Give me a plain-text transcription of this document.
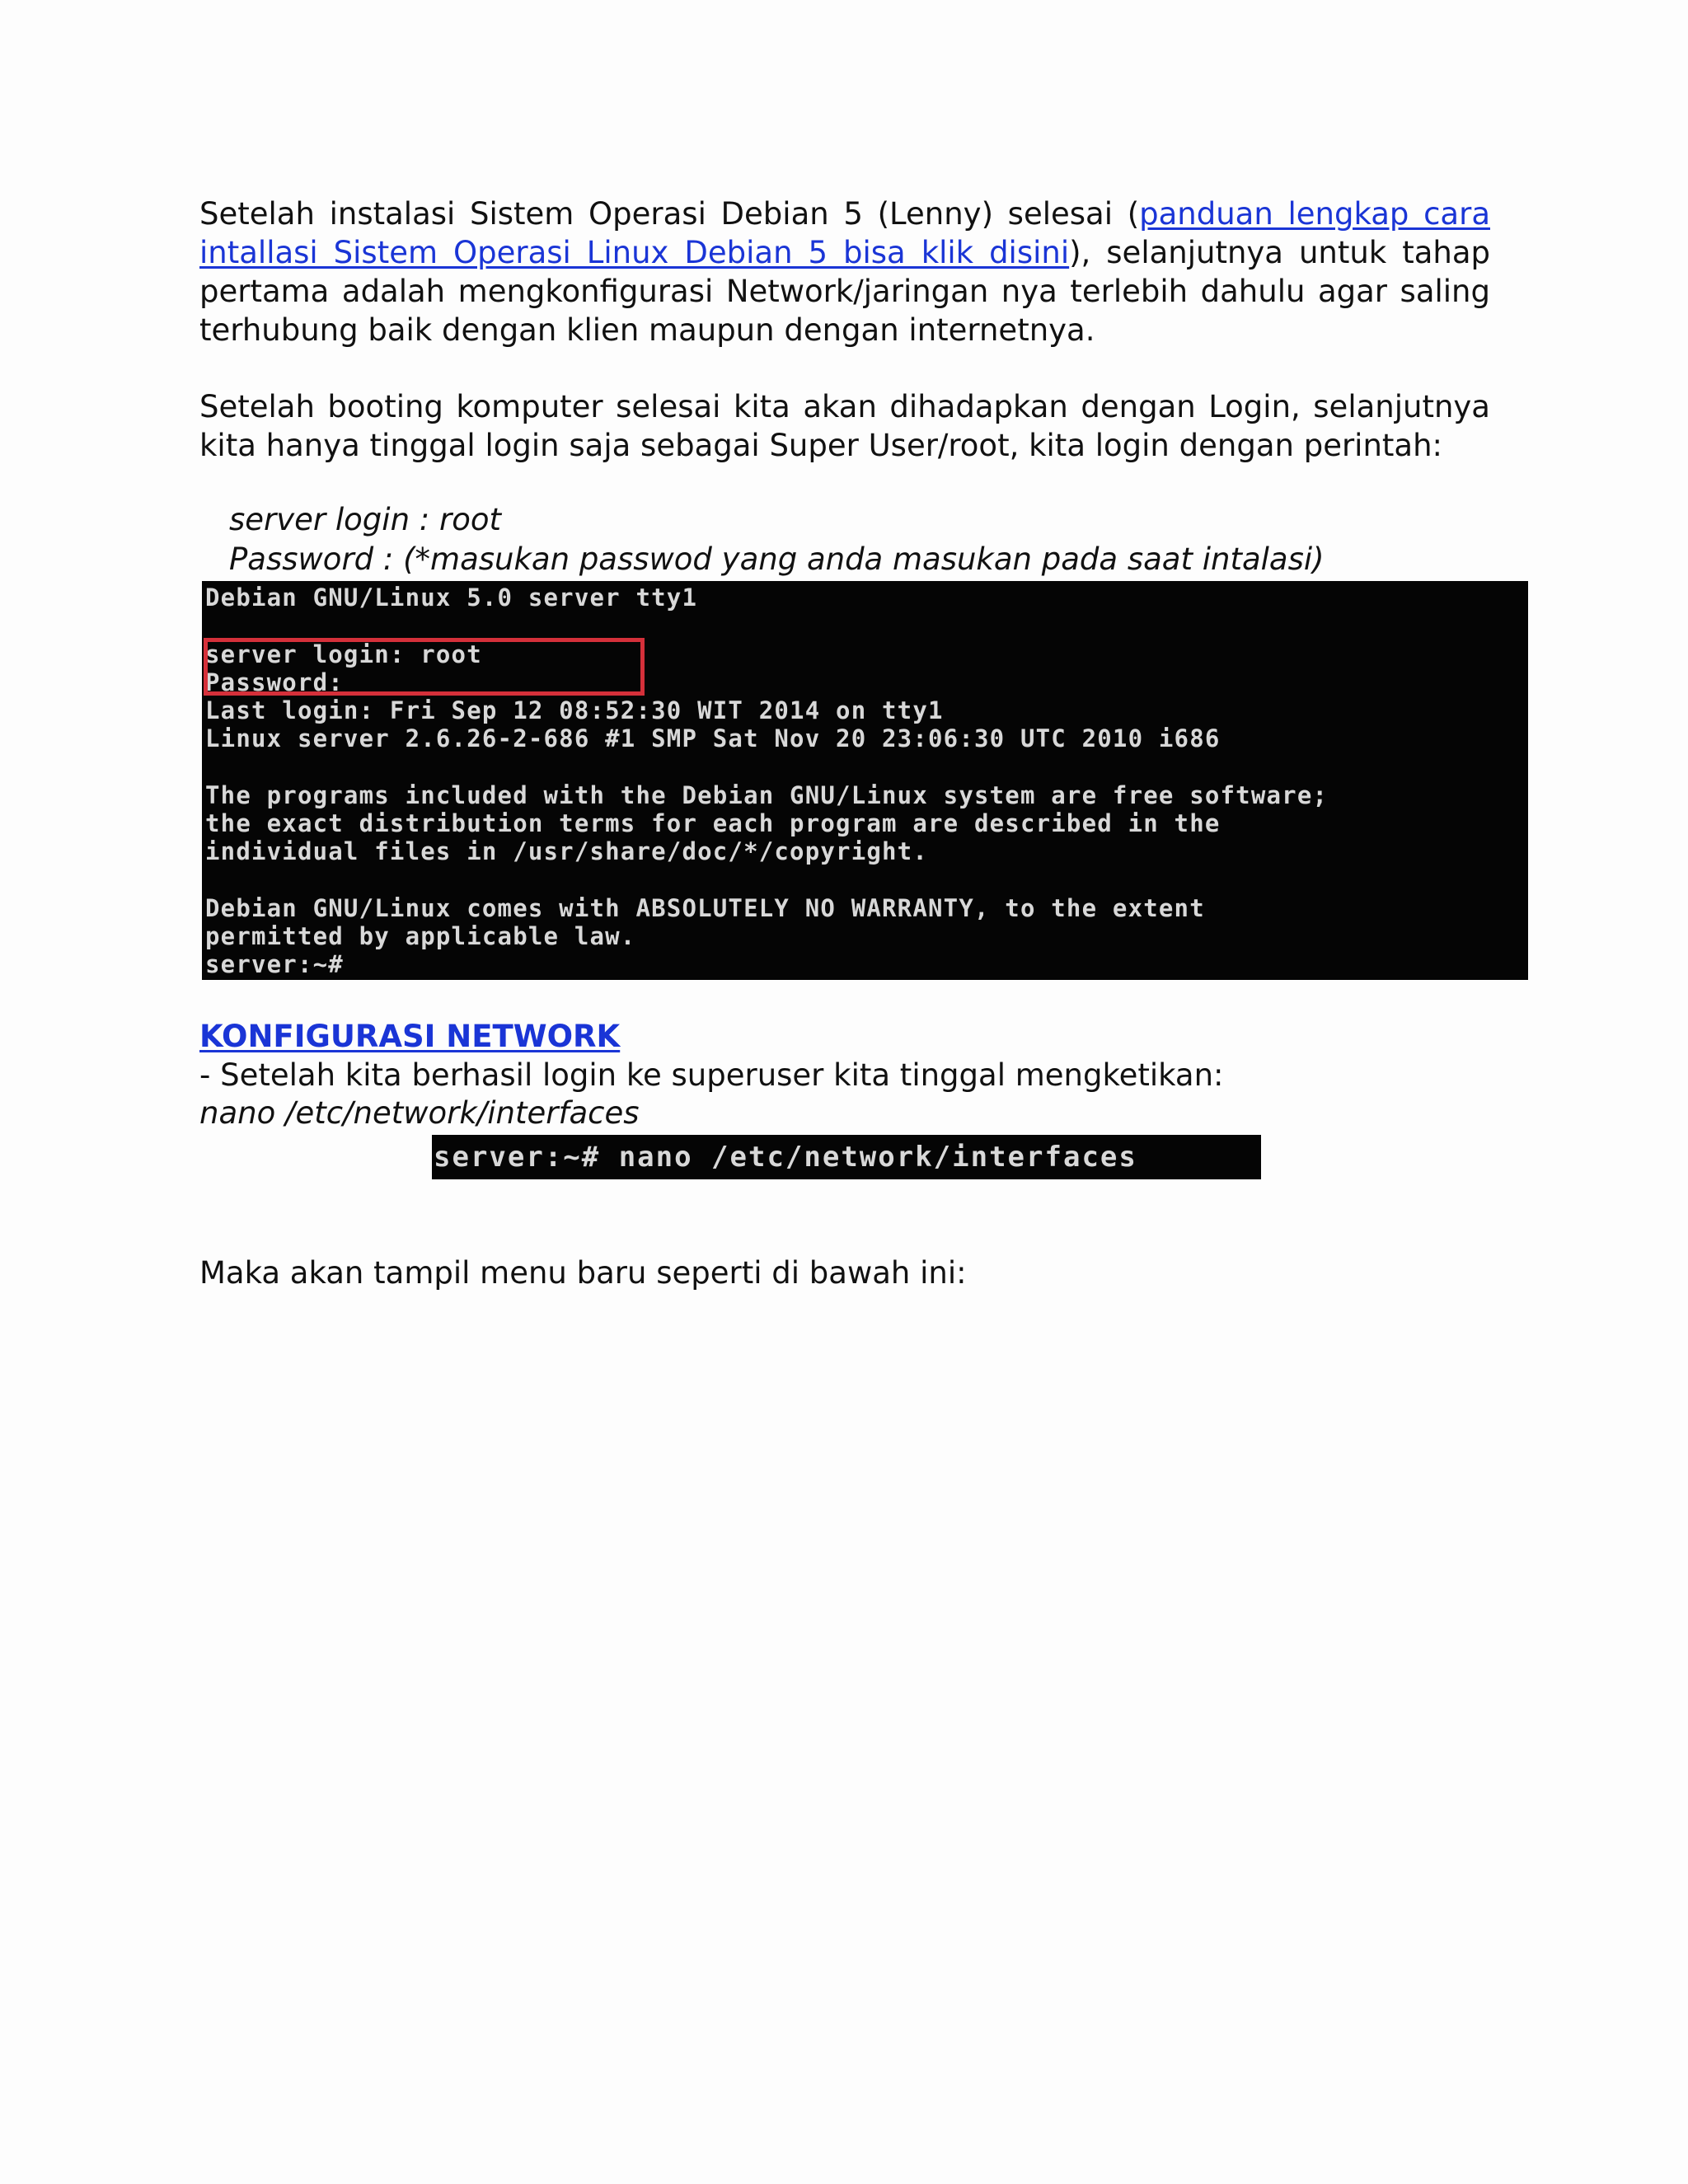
Setelah instalasi Sistem Operasi Debian 5 (Lenny) selesai (panduan lengkap cara intallasi Sistem Operasi Linux Debian 5 bisa klik disini), selanjutnya untuk tahap pertama adalah mengkonfigurasi Network/jaringan nya terlebih dahulu agar saling terhubung baik dengan klien maupun dengan internetnya.

Setelah booting komputer selesai kita akan dihadapkan dengan Login, selanjutnya kita hanya tinggal login saja sebagai Super User/root, kita login dengan perintah:

server login : root

Password : (*masukan passwod yang anda masukan pada saat intalasi)

Debian GNU/Linux 5.0 server tty1
server login: root
Password:
Last login: Fri Sep 12 08:52:30 WIT 2014 on tty1
Linux server 2.6.26-2-686 #1 SMP Sat Nov 20 23:06:30 UTC 2010 i686
The programs included with the Debian GNU/Linux system are free software;
the exact distribution terms for each program are described in the
individual files in /usr/share/doc/*/copyright.
Debian GNU/Linux comes with ABSOLUTELY NO WARRANTY, to the extent
permitted by applicable law.
server:~#

KONFIGURASI NETWORK

- Setelah kita berhasil login ke superuser kita tinggal mengketikan:

nano /etc/network/interfaces

server:~# nano /etc/network/interfaces

Maka akan tampil menu baru seperti di bawah ini:
